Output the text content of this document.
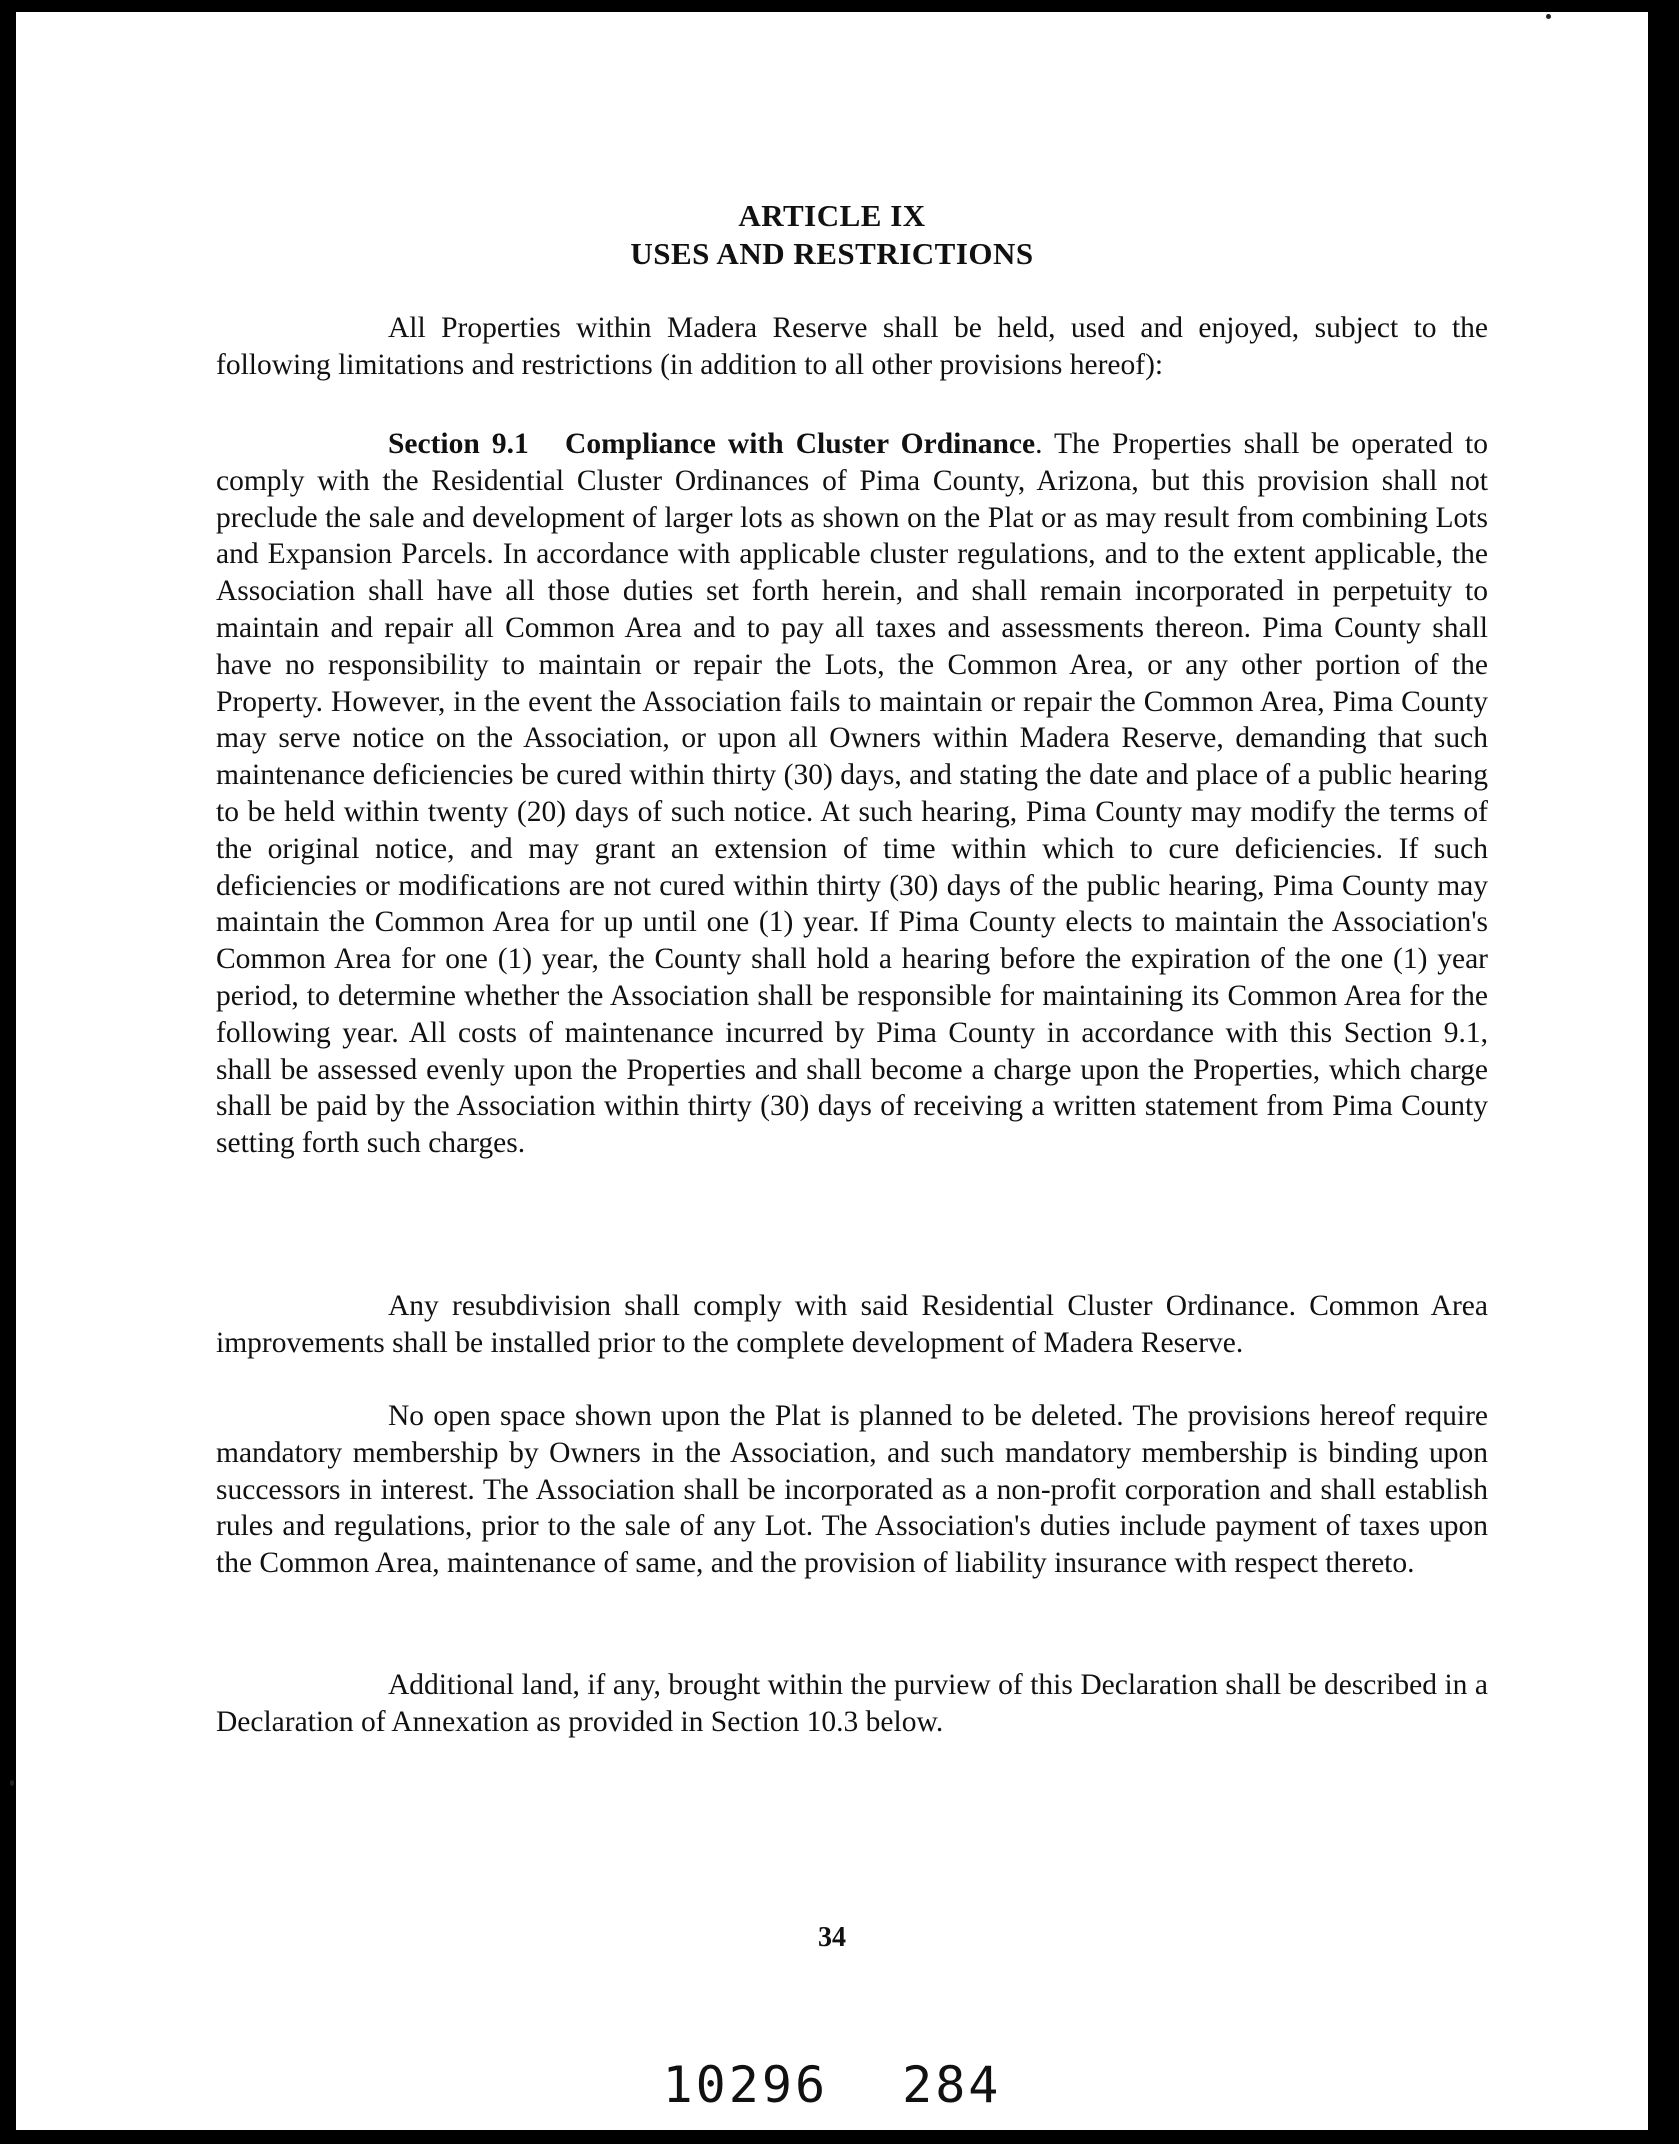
ARTICLE IX
USES AND RESTRICTIONS

All Properties within Madera Reserve shall be held, used and enjoyed, subject to the following limitations and restrictions (in addition to all other provisions hereof):

Section 9.1 Compliance with Cluster Ordinance. The Properties shall be operated to comply with the Residential Cluster Ordinances of Pima County, Arizona, but this provision shall not preclude the sale and development of larger lots as shown on the Plat or as may result from combining Lots and Expansion Parcels. In accordance with applicable cluster regulations, and to the extent applicable, the Association shall have all those duties set forth herein, and shall remain incorporated in perpetuity to maintain and repair all Common Area and to pay all taxes and assessments thereon. Pima County shall have no responsibility to maintain or repair the Lots, the Common Area, or any other portion of the Property. However, in the event the Association fails to maintain or repair the Common Area, Pima County may serve notice on the Association, or upon all Owners within Madera Reserve, demanding that such maintenance deficiencies be cured within thirty (30) days, and stating the date and place of a public hearing to be held within twenty (20) days of such notice. At such hearing, Pima County may modify the terms of the original notice, and may grant an extension of time within which to cure deficiencies. If such deficiencies or modifications are not cured within thirty (30) days of the public hearing, Pima County may maintain the Common Area for up until one (1) year. If Pima County elects to maintain the Association's Common Area for one (1) year, the County shall hold a hearing before the expiration of the one (1) year period, to determine whether the Association shall be responsible for maintaining its Common Area for the following year. All costs of maintenance incurred by Pima County in accordance with this Section 9.1, shall be assessed evenly upon the Properties and shall become a charge upon the Properties, which charge shall be paid by the Association within thirty (30) days of receiving a written statement from Pima County setting forth such charges.

Any resubdivision shall comply with said Residential Cluster Ordinance. Common Area improvements shall be installed prior to the complete development of Madera Reserve.

No open space shown upon the Plat is planned to be deleted. The provisions hereof require mandatory membership by Owners in the Association, and such mandatory membership is binding upon successors in interest. The Association shall be incorporated as a non-profit corporation and shall establish rules and regulations, prior to the sale of any Lot. The Association's duties include payment of taxes upon the Common Area, maintenance of same, and the provision of liability insurance with respect thereto.

Additional land, if any, brought within the purview of this Declaration shall be described in a Declaration of Annexation as provided in Section 10.3 below.

34
10296 284
